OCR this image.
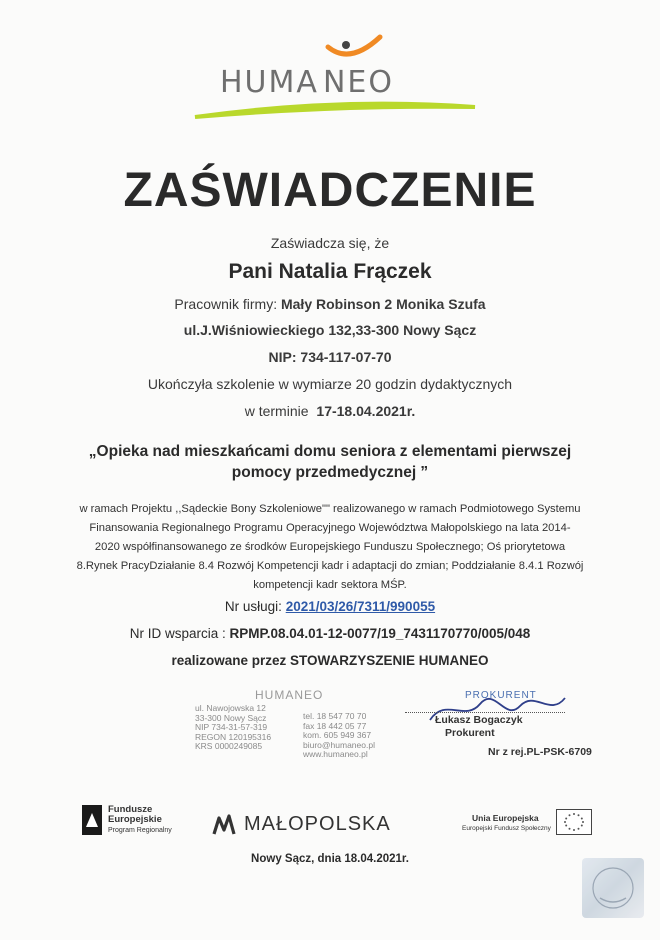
HUMA NEO
ZAŚWIADCZENIE
Zaświadcza się, że
Pani Natalia Frączek
Pracownik firmy: Mały Robinson 2 Monika Szufa
ul.J.Wiśniowieckiego 132,33-300 Nowy Sącz
NIP: 734-117-07-70
Ukończyła szkolenie w wymiarze 20 godzin dydaktycznych
w terminie 17-18.04.2021r.
„Opieka nad mieszkańcami domu seniora z elementami pierwszej
pomocy przedmedycznej ”
w ramach Projektu ,,Sądeckie Bony Szkoleniowe"" realizowanego w ramach Podmiotowego Systemu
Finansowania Regionalnego Programu Operacyjnego Województwa Małopolskiego na lata 2014-
2020 współfinansowanego ze środków Europejskiego Funduszu Społecznego; Oś priorytetowa
8.Rynek PracyDziałanie 8.4 Rozwój Kompetencji kadr i adaptacji do zmian; Poddziałanie 8.4.1 Rozwój
kompetencji kadr sektora MŚP.
Nr usługi: 2021/03/26/7311/990055
Nr ID wsparcia : RPMP.08.04.01-12-0077/19_7431170770/005/048
realizowane przez STOWARZYSZENIE HUMANEO
HUMANEO
ul. Nawojowska 12
33-300 Nowy Sącz
NIP 734-31-57-319
REGON 120195316
KRS 0000249085
tel. 18 547 70 70
fax 18 442 05 77
kom. 605 949 367
biuro@humaneo.pl
www.humaneo.pl
PROKURENT
Łukasz Bogaczyk
Prokurent
Nr z rej.PL-PSK-6709
Fundusze
Europejskie
Program Regionalny	MAŁOPOLSKA	Unia Europejska
Europejski Fundusz Społeczny
Nowy Sącz, dnia 18.04.2021r.
